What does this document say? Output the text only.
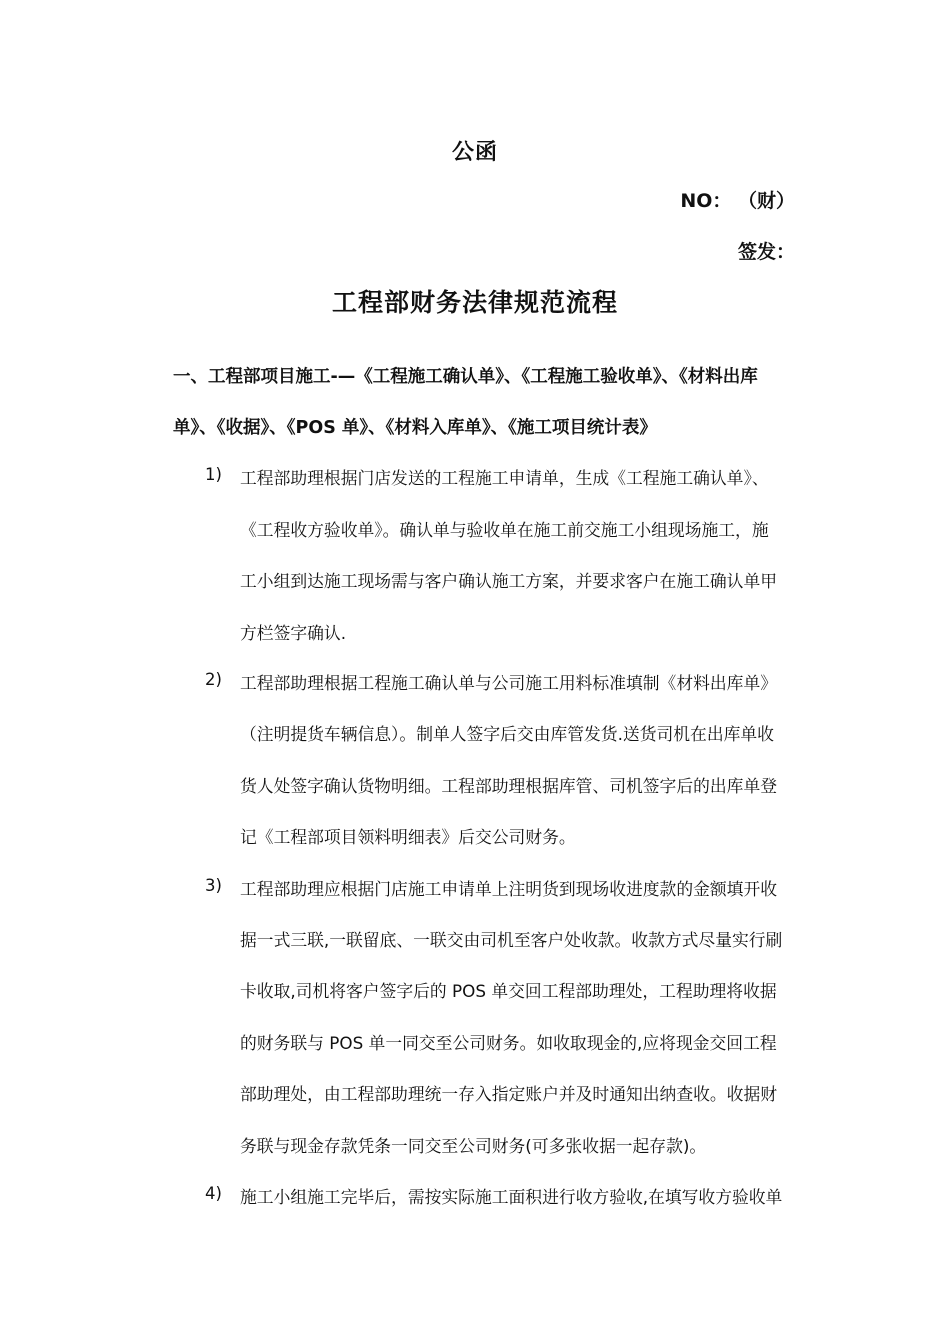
公函
NO： （财）
签发：
工程部财务法律规范流程
一、工程部项目施工-—《工程施工确认单》、《工程施工验收单》、《材料出库
单》、《收据》、《POS 单》、《材料入库单》、《施工项目统计表》
1) 工程部助理根据门店发送的工程施工申请单，生成《工程施工确认单》、
《工程收方验收单》。确认单与验收单在施工前交施工小组现场施工，施
工小组到达施工现场需与客户确认施工方案，并要求客户在施工确认单甲
方栏签字确认.
2) 工程部助理根据工程施工确认单与公司施工用料标准填制《材料出库单》
（注明提货车辆信息）。制单人签字后交由库管发货.送货司机在出库单收
货人处签字确认货物明细。工程部助理根据库管、司机签字后的出库单登
记《工程部项目领料明细表》后交公司财务。
3) 工程部助理应根据门店施工申请单上注明货到现场收进度款的金额填开收
据一式三联,一联留底、一联交由司机至客户处收款。收款方式尽量实行刷
卡收取,司机将客户签字后的 POS 单交回工程部助理处，工程助理将收据
的财务联与 POS 单一同交至公司财务。如收取现金的,应将现金交回工程
部助理处，由工程部助理统一存入指定账户并及时通知出纳查收。收据财
务联与现金存款凭条一同交至公司财务(可多张收据一起存款)。
4) 施工小组施工完毕后，需按实际施工面积进行收方验收,在填写收方验收单
